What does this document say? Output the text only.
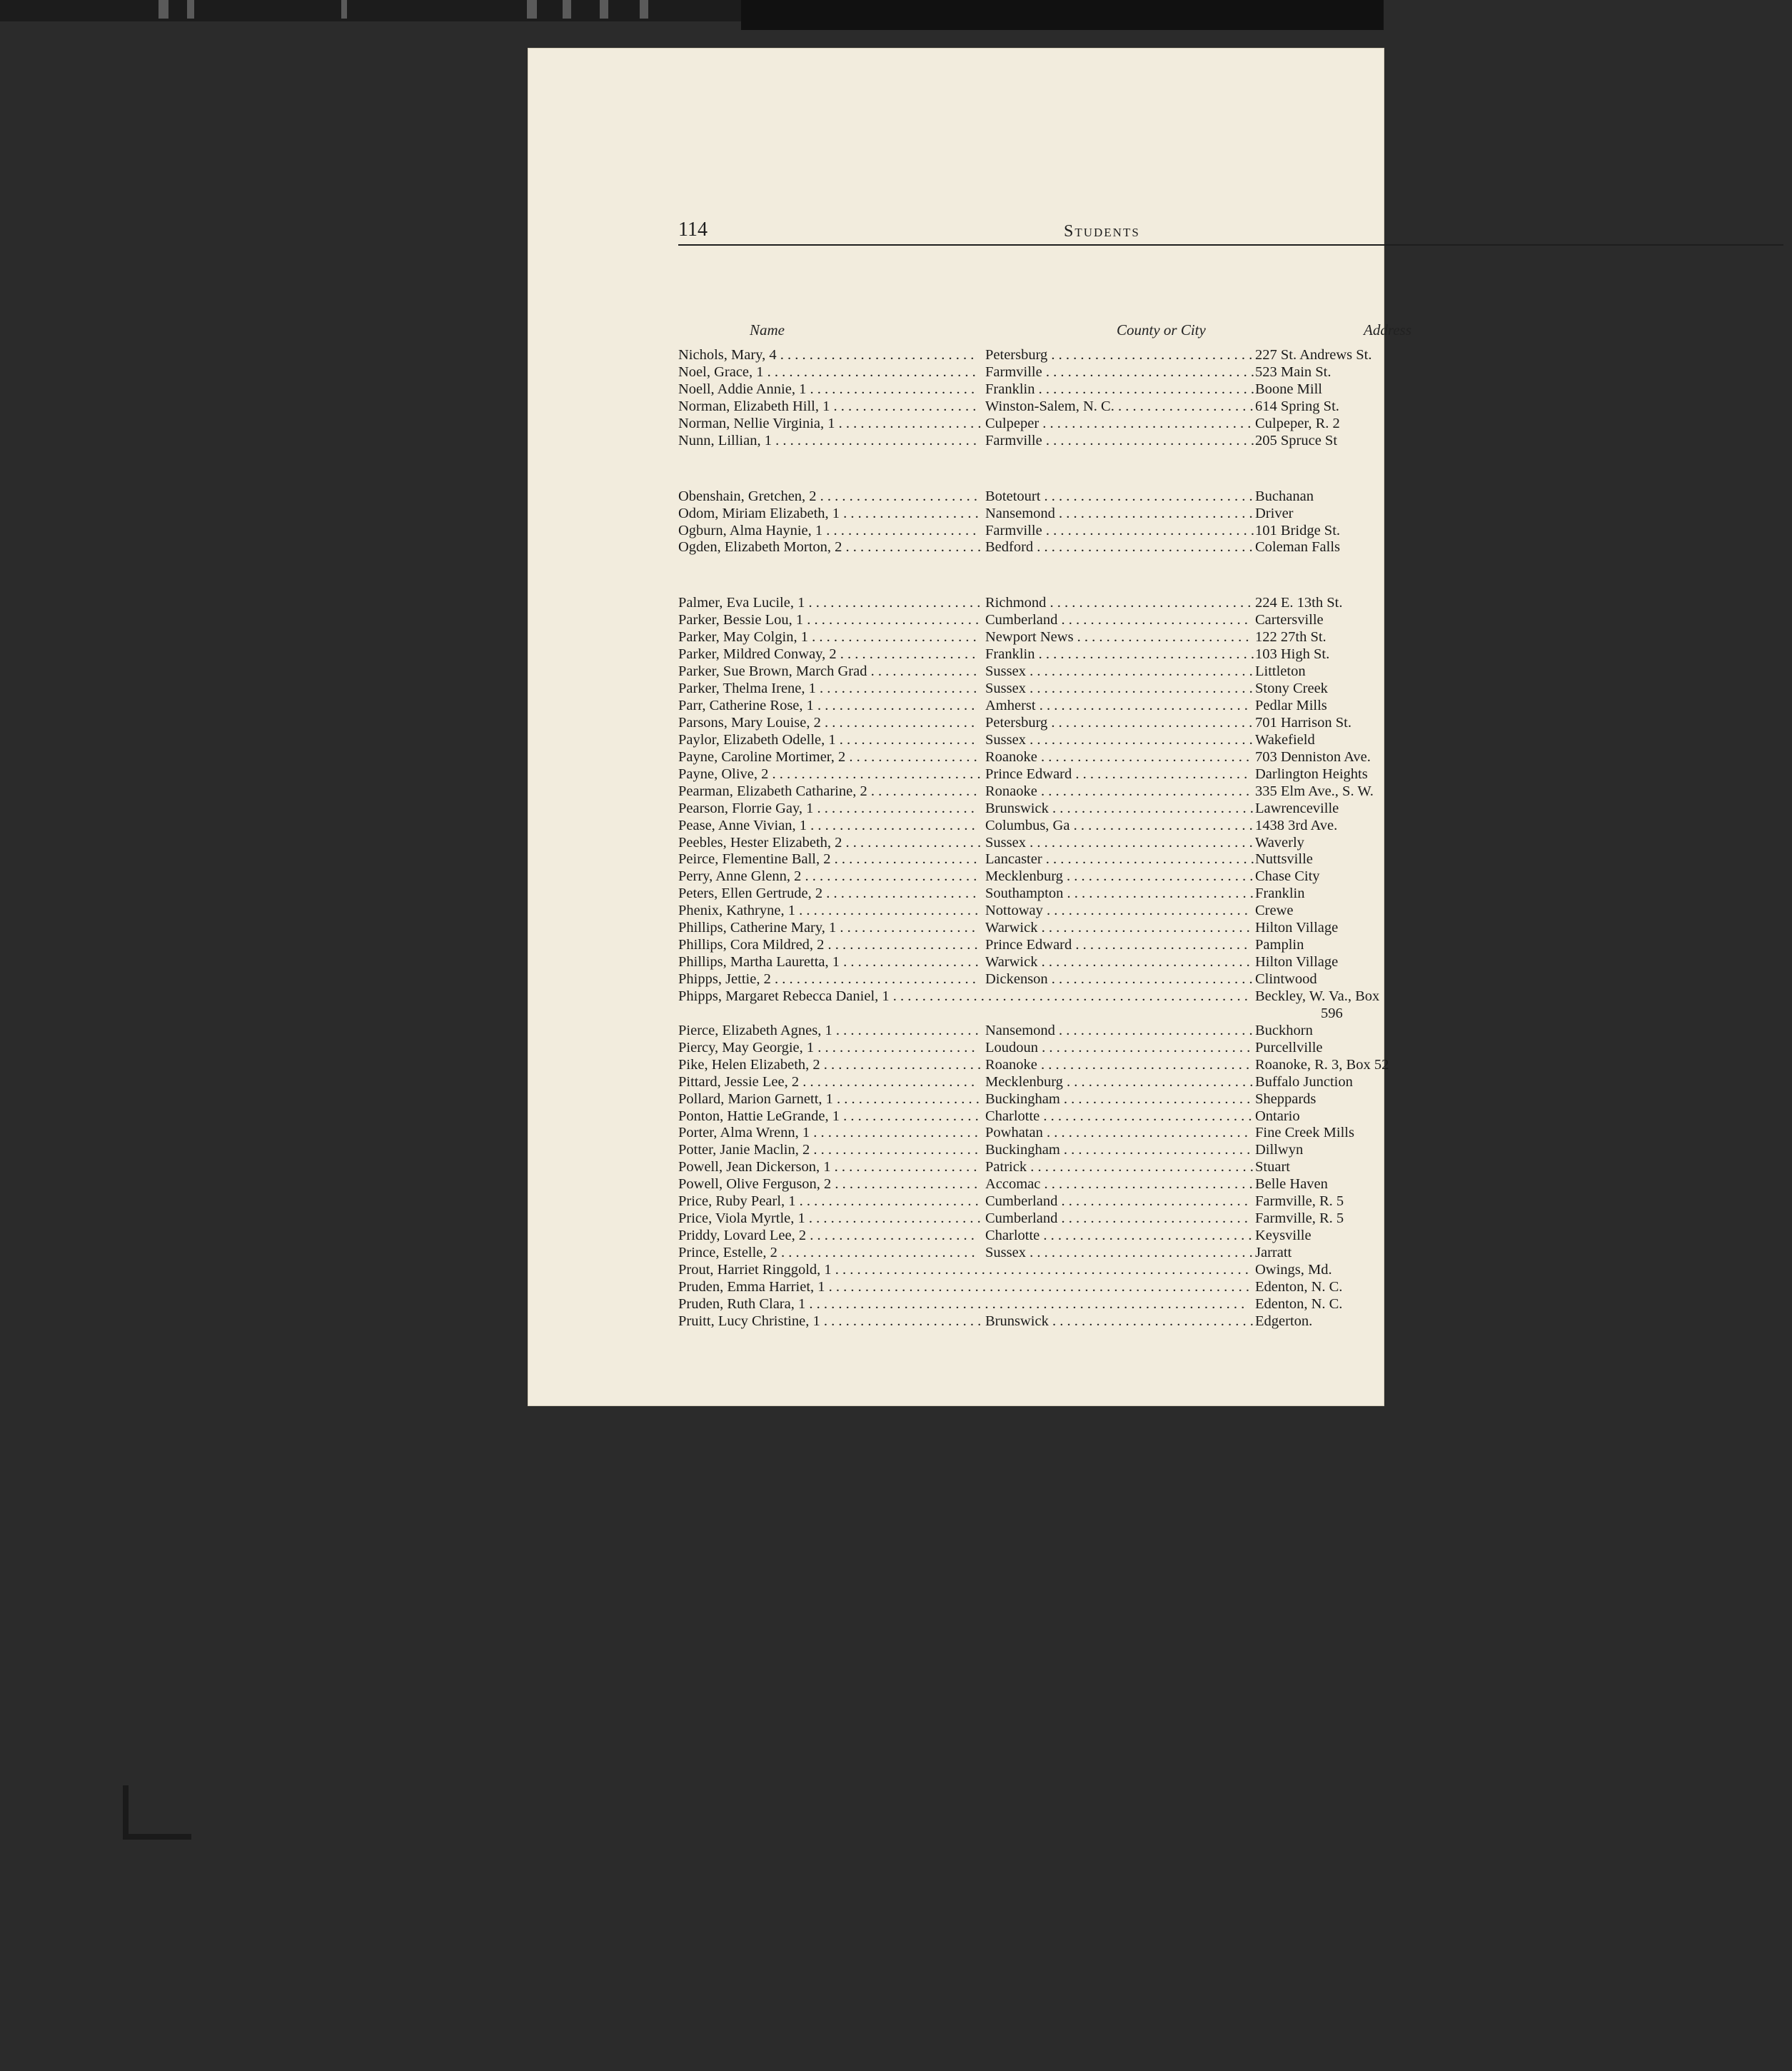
114	Students
Name	County or City	Address
Nichols, Mary, 4 . . . . . . . . . . . . . . . . . . . . . . . . . . . Petersburg . . . . . . . . . . . . . . . . . . . . . . . . . . . . 227 St. Andrews St.
Noel, Grace, 1 . . . . . . . . . . . . . . . . . . . . . . . . . . . . . Farmville . . . . . . . . . . . . . . . . . . . . . . . . . . . . . 523 Main St.
Noell, Addie Annie, 1 . . . . . . . . . . . . . . . . . . . . . . . Franklin . . . . . . . . . . . . . . . . . . . . . . . . . . . . . . Boone Mill
Norman, Elizabeth Hill, 1 . . . . . . . . . . . . . . . . . . . . Winston-Salem, N. C. . . . . . . . . . . . . . . . . . . . 614 Spring St.
Norman, Nellie Virginia, 1 . . . . . . . . . . . . . . . . . . . . Culpeper . . . . . . . . . . . . . . . . . . . . . . . . . . . . . Culpeper, R. 2
Nunn, Lillian, 1 . . . . . . . . . . . . . . . . . . . . . . . . . . . . Farmville . . . . . . . . . . . . . . . . . . . . . . . . . . . . . 205 Spruce St
Obenshain, Gretchen, 2 . . . . . . . . . . . . . . . . . . . . . . Botetourt . . . . . . . . . . . . . . . . . . . . . . . . . . . . . Buchanan
Odom, Miriam Elizabeth, 1 . . . . . . . . . . . . . . . . . . . Nansemond . . . . . . . . . . . . . . . . . . . . . . . . . . . Driver
Ogburn, Alma Haynie, 1 . . . . . . . . . . . . . . . . . . . . . Farmville . . . . . . . . . . . . . . . . . . . . . . . . . . . . . 101 Bridge St.
Ogden, Elizabeth Morton, 2 . . . . . . . . . . . . . . . . . . . Bedford . . . . . . . . . . . . . . . . . . . . . . . . . . . . . . Coleman Falls
Palmer, Eva Lucile, 1 . . . . . . . . . . . . . . . . . . . . . . . . Richmond . . . . . . . . . . . . . . . . . . . . . . . . . . . . 224 E. 13th St.
Parker, Bessie Lou, 1 . . . . . . . . . . . . . . . . . . . . . . . . Cumberland . . . . . . . . . . . . . . . . . . . . . . . . . . Cartersville
Parker, May Colgin, 1 . . . . . . . . . . . . . . . . . . . . . . . Newport News . . . . . . . . . . . . . . . . . . . . . . . . 122 27th St.
Parker, Mildred Conway, 2 . . . . . . . . . . . . . . . . . . . Franklin . . . . . . . . . . . . . . . . . . . . . . . . . . . . . . 103 High St.
Parker, Sue Brown, March Grad . . . . . . . . . . . . . . . Sussex . . . . . . . . . . . . . . . . . . . . . . . . . . . . . . . Littleton
Parker, Thelma Irene, 1 . . . . . . . . . . . . . . . . . . . . . . Sussex . . . . . . . . . . . . . . . . . . . . . . . . . . . . . . . Stony Creek
Parr, Catherine Rose, 1 . . . . . . . . . . . . . . . . . . . . . . Amherst . . . . . . . . . . . . . . . . . . . . . . . . . . . . . Pedlar Mills
Parsons, Mary Louise, 2 . . . . . . . . . . . . . . . . . . . . . Petersburg . . . . . . . . . . . . . . . . . . . . . . . . . . . . 701 Harrison St.
Paylor, Elizabeth Odelle, 1 . . . . . . . . . . . . . . . . . . . Sussex . . . . . . . . . . . . . . . . . . . . . . . . . . . . . . . Wakefield
Payne, Caroline Mortimer, 2 . . . . . . . . . . . . . . . . . . Roanoke . . . . . . . . . . . . . . . . . . . . . . . . . . . . . 703 Denniston Ave.
Payne, Olive, 2 . . . . . . . . . . . . . . . . . . . . . . . . . . . . . Prince Edward . . . . . . . . . . . . . . . . . . . . . . . . Darlington Heights
Pearman, Elizabeth Catharine, 2 . . . . . . . . . . . . . . . Ronaoke . . . . . . . . . . . . . . . . . . . . . . . . . . . . . 335 Elm Ave., S. W.
Pearson, Florrie Gay, 1 . . . . . . . . . . . . . . . . . . . . . . Brunswick . . . . . . . . . . . . . . . . . . . . . . . . . . . . Lawrenceville
Pease, Anne Vivian, 1 . . . . . . . . . . . . . . . . . . . . . . . Columbus, Ga . . . . . . . . . . . . . . . . . . . . . . . . . 1438 3rd Ave.
Peebles, Hester Elizabeth, 2 . . . . . . . . . . . . . . . . . . . Sussex . . . . . . . . . . . . . . . . . . . . . . . . . . . . . . . Waverly
Peirce, Flementine Ball, 2 . . . . . . . . . . . . . . . . . . . . Lancaster . . . . . . . . . . . . . . . . . . . . . . . . . . . . . Nuttsville
Perry, Anne Glenn, 2 . . . . . . . . . . . . . . . . . . . . . . . . Mecklenburg . . . . . . . . . . . . . . . . . . . . . . . . . . Chase City
Peters, Ellen Gertrude, 2 . . . . . . . . . . . . . . . . . . . . . Southampton . . . . . . . . . . . . . . . . . . . . . . . . . . Franklin
Phenix, Kathryne, 1 . . . . . . . . . . . . . . . . . . . . . . . . . Nottoway . . . . . . . . . . . . . . . . . . . . . . . . . . . . Crewe
Phillips, Catherine Mary, 1 . . . . . . . . . . . . . . . . . . . Warwick . . . . . . . . . . . . . . . . . . . . . . . . . . . . . Hilton Village
Phillips, Cora Mildred, 2 . . . . . . . . . . . . . . . . . . . . . Prince Edward . . . . . . . . . . . . . . . . . . . . . . . . Pamplin
Phillips, Martha Lauretta, 1 . . . . . . . . . . . . . . . . . . . Warwick . . . . . . . . . . . . . . . . . . . . . . . . . . . . . Hilton Village
Phipps, Jettie, 2 . . . . . . . . . . . . . . . . . . . . . . . . . . . . Dickenson . . . . . . . . . . . . . . . . . . . . . . . . . . . . Clintwood
Phipps, Margaret Rebecca Daniel, 1 . . . . . . . . . . . . . . . . . . . . . . . . . . . . . . . . . . . . . . . . . . . . . . . . . Beckley, W. Va., Box
596
Pierce, Elizabeth Agnes, 1 . . . . . . . . . . . . . . . . . . . . Nansemond . . . . . . . . . . . . . . . . . . . . . . . . . . . Buckhorn
Piercy, May Georgie, 1 . . . . . . . . . . . . . . . . . . . . . . Loudoun . . . . . . . . . . . . . . . . . . . . . . . . . . . . . Purcellville
Pike, Helen Elizabeth, 2 . . . . . . . . . . . . . . . . . . . . . . Roanoke . . . . . . . . . . . . . . . . . . . . . . . . . . . . . Roanoke, R. 3, Box 52
Pittard, Jessie Lee, 2 . . . . . . . . . . . . . . . . . . . . . . . . Mecklenburg . . . . . . . . . . . . . . . . . . . . . . . . . . Buffalo Junction
Pollard, Marion Garnett, 1 . . . . . . . . . . . . . . . . . . . . Buckingham . . . . . . . . . . . . . . . . . . . . . . . . . . Sheppards
Ponton, Hattie LeGrande, 1 . . . . . . . . . . . . . . . . . . . Charlotte . . . . . . . . . . . . . . . . . . . . . . . . . . . . . Ontario
Porter, Alma Wrenn, 1 . . . . . . . . . . . . . . . . . . . . . . . Powhatan . . . . . . . . . . . . . . . . . . . . . . . . . . . . Fine Creek Mills
Potter, Janie Maclin, 2 . . . . . . . . . . . . . . . . . . . . . . . Buckingham . . . . . . . . . . . . . . . . . . . . . . . . . . Dillwyn
Powell, Jean Dickerson, 1 . . . . . . . . . . . . . . . . . . . . Patrick . . . . . . . . . . . . . . . . . . . . . . . . . . . . . . . Stuart
Powell, Olive Ferguson, 2 . . . . . . . . . . . . . . . . . . . . Accomac . . . . . . . . . . . . . . . . . . . . . . . . . . . . . Belle Haven
Price, Ruby Pearl, 1 . . . . . . . . . . . . . . . . . . . . . . . . . Cumberland . . . . . . . . . . . . . . . . . . . . . . . . . . Farmville, R. 5
Price, Viola Myrtle, 1 . . . . . . . . . . . . . . . . . . . . . . . . Cumberland . . . . . . . . . . . . . . . . . . . . . . . . . . Farmville, R. 5
Priddy, Lovard Lee, 2 . . . . . . . . . . . . . . . . . . . . . . . Charlotte . . . . . . . . . . . . . . . . . . . . . . . . . . . . . Keysville
Prince, Estelle, 2 . . . . . . . . . . . . . . . . . . . . . . . . . . . Sussex . . . . . . . . . . . . . . . . . . . . . . . . . . . . . . . Jarratt
Prout, Harriet Ringgold, 1 . . . . . . . . . . . . . . . . . . . . . . . . . . . . . . . . . . . . . . . . . . . . . . . . . . . . . . . . . Owings, Md.
Pruden, Emma Harriet, 1 . . . . . . . . . . . . . . . . . . . . . . . . . . . . . . . . . . . . . . . . . . . . . . . . . . . . . . . . . . Edenton, N. C.
Pruden, Ruth Clara, 1 . . . . . . . . . . . . . . . . . . . . . . . . . . . . . . . . . . . . . . . . . . . . . . . . . . . . . . . . . . . . Edenton, N. C.
Pruitt, Lucy Christine, 1 . . . . . . . . . . . . . . . . . . . . . . Brunswick . . . . . . . . . . . . . . . . . . . . . . . . . . . . Edgerton.
